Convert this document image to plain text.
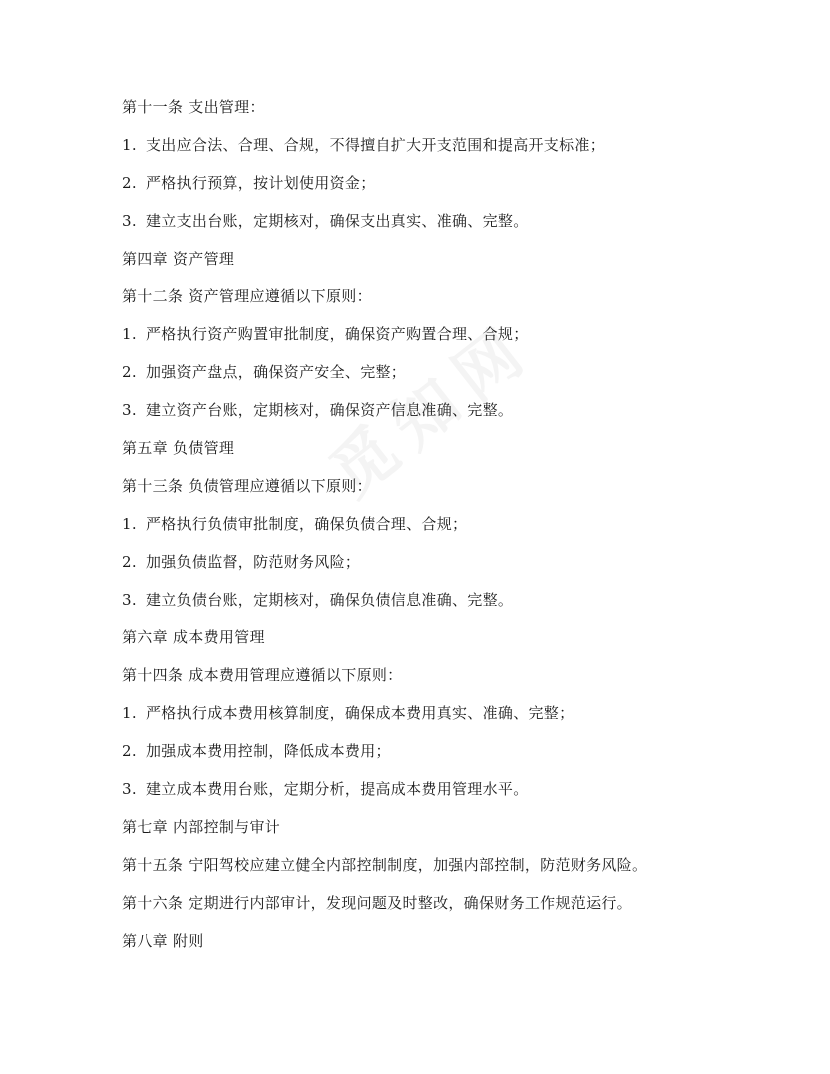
第十一条 支出管理：
1. 支出应合法、合理、合规，不得擅自扩大开支范围和提高开支标准；
2. 严格执行预算，按计划使用资金；
3. 建立支出台账，定期核对，确保支出真实、准确、完整。
第四章 资产管理
第十二条 资产管理应遵循以下原则：
1. 严格执行资产购置审批制度，确保资产购置合理、合规；
2. 加强资产盘点，确保资产安全、完整；
3. 建立资产台账，定期核对，确保资产信息准确、完整。
第五章 负债管理
第十三条 负债管理应遵循以下原则：
1. 严格执行负债审批制度，确保负债合理、合规；
2. 加强负债监督，防范财务风险；
3. 建立负债台账，定期核对，确保负债信息准确、完整。
第六章 成本费用管理
第十四条 成本费用管理应遵循以下原则：
1. 严格执行成本费用核算制度，确保成本费用真实、准确、完整；
2. 加强成本费用控制，降低成本费用；
3. 建立成本费用台账，定期分析，提高成本费用管理水平。
第七章 内部控制与审计
第十五条 宁阳驾校应建立健全内部控制制度，加强内部控制，防范财务风险。
第十六条 定期进行内部审计，发现问题及时整改，确保财务工作规范运行。
第八章 附则
